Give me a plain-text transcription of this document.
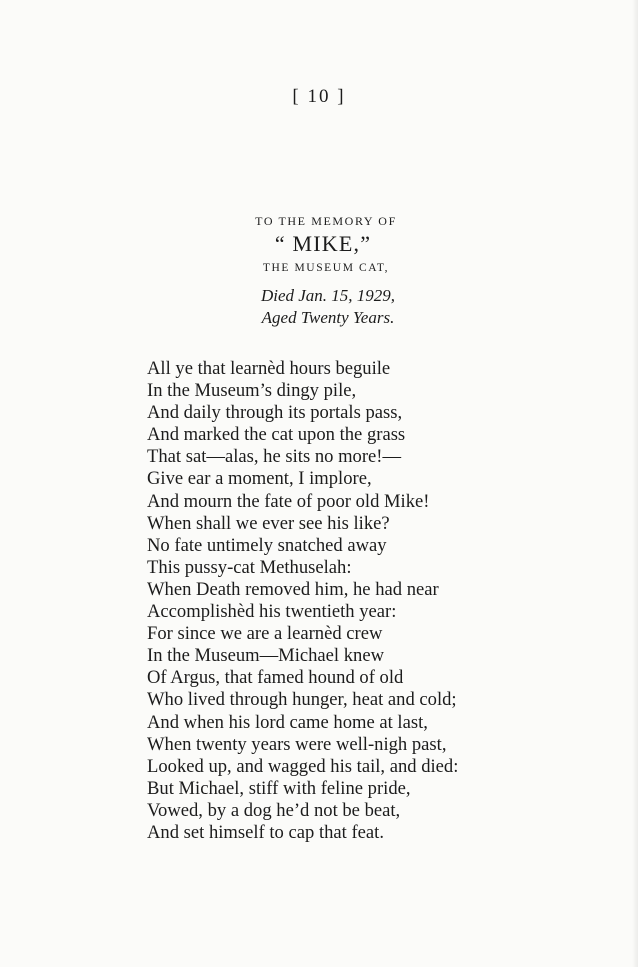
[ 10 ]
TO THE MEMORY OF
“ MIKE,”
THE MUSEUM CAT,
Died Jan. 15, 1929,
Aged Twenty Years.
All ye that learnèd hours beguile
In the Museum’s dingy pile,
And daily through its portals pass,
And marked the cat upon the grass
That sat—alas, he sits no more!—
Give ear a moment, I implore,
And mourn the fate of poor old Mike!
When shall we ever see his like?
No fate untimely snatched away
This pussy-cat Methuselah:
When Death removed him, he had near
Accomplishèd his twentieth year:
For since we are a learnèd crew
In the Museum—Michael knew
Of Argus, that famed hound of old
Who lived through hunger, heat and cold;
And when his lord came home at last,
When twenty years were well-nigh past,
Looked up, and wagged his tail, and died:
But Michael, stiff with feline pride,
Vowed, by a dog he’d not be beat,
And set himself to cap that feat.
